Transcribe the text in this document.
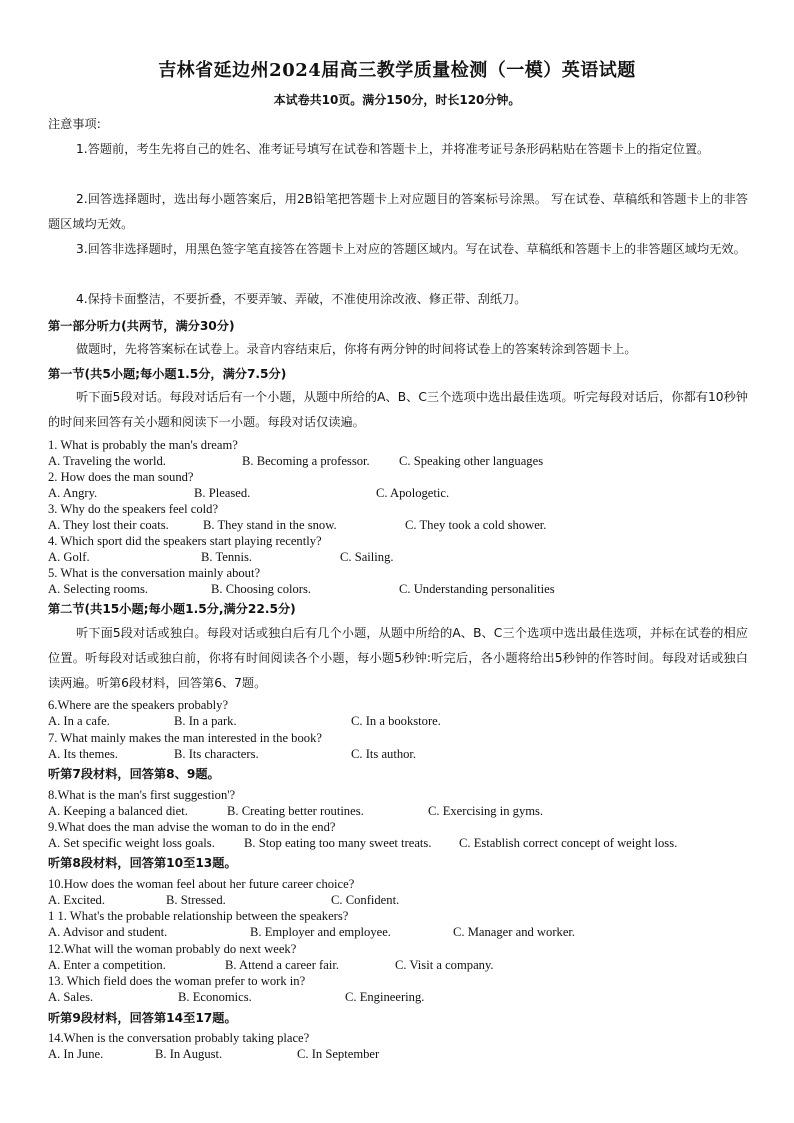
吉林省延边州2024届高三教学质量检测（一模）英语试题
本试卷共10页。满分150分，时长120分钟。
注意事项:
1.答题前，考生先将自己的姓名、准考证号填写在试卷和答题卡上，并将准考证号条形码粘贴在答题卡上的指定位置。
2.回答选择题时，选出每小题答案后，用2B铅笔把答题卡上对应题目的答案标号涂黑。 写在试卷、草稿纸和答题卡上的非答题区域均无效。
3.回答非选择题时，用黑色签字笔直接答在答题卡上对应的答题区域内。写在试卷、草稿纸和答题卡上的非答题区域均无效。
4.保持卡面整洁，不要折叠，不要弄皱、弄破，不准使用涂改液、修正带、刮纸刀。
第一部分听力(共两节，满分30分)
做题时，先将答案标在试卷上。录音内容结束后，你将有两分钟的时间将试卷上的答案转涂到答题卡上。
第一节(共5小题;每小题1.5分，满分7.5分)
听下面5段对话。每段对话后有一个小题，从题中所给的A、B、C三个选项中选出最佳选项。听完每段对话后，你都有10秒钟的时间来回答有关小题和阅读下一小题。每段对话仅读遍。
1. What is probably the man's dream?
A. Traveling the world.	B. Becoming a professor. C. Speaking other languages
2. How does the man sound?
A. Angry.	B. Pleased.	C. Apologetic.
3. Why do the speakers feel cold?
A. They lost their coats.	B. They stand in the snow.	C. They took a cold shower.
4. Which sport did the speakers start playing recently?
A. Golf.	B. Tennis.	C. Sailing.
5. What is the conversation mainly about?
A. Selecting rooms.	B. Choosing colors.	C. Understanding personalities
第二节(共15小题;每小题1.5分,满分22.5分)
听下面5段对话或独白。每段对话或独白后有几个小题，从题中所给的A、B、C三个选项中选出最佳选项，并标在试卷的相应位置。听每段对话或独白前，你将有时间阅读各个小题，每小题5秒钟:听完后，各小题将给出5秒钟的作答时间。每段对话或独白读两遍。听第6段材料，回答第6、7题。
6.Where are the speakers probably?
A. In a cafe.	B. In a park.	C. In a bookstore.
7. What mainly makes the man interested in the book?
A. Its themes.	B. Its characters.	C. Its author.
听第7段材料，回答第8、9题。
8.What is the man's first suggestion'?
A. Keeping a balanced diet.	B. Creating better routines.	C. Exercising in gyms.
9.What does the man advise the woman to do in the end?
A. Set specific weight loss goals. B. Stop eating too many sweet treats. C. Establish correct concept of weight loss.
听第8段材料，回答第10至13题。
10.How does the woman feel about her future career choice?
A. Excited.	B. Stressed.	C. Confident.
1 1. What's the probable relationship between the speakers?
A. Advisor and student.	B. Employer and employee.	C. Manager and worker.
12.What will the woman probably do next week?
A. Enter a competition.	B. Attend a career fair.	C. Visit a company.
13. Which field does the woman prefer to work in?
A. Sales.	B. Economics.	C. Engineering.
听第9段材料，回答第14至17题。
14.When is the conversation probably taking place?
A. In June.	B. In August.	C. In September
